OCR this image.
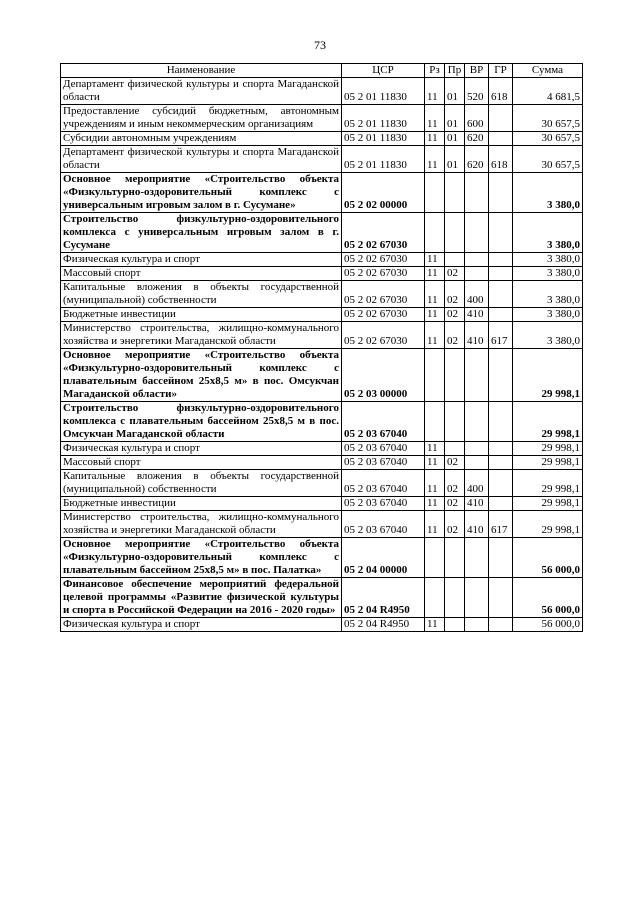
73
Наименование	ЦСР	Рз	Пр	ВР	ГР	Сумма
Департамент физической культуры и спорта Магаданской области	05 2 01 11830	11	01	520	618	4 681,5
Предоставление субсидий бюджетным, автономным учреждениям и иным некоммерческим организациям	05 2 01 11830	11	01	600		30 657,5
Субсидии автономным учреждениям	05 2 01 11830	11	01	620		30 657,5
Департамент физической культуры и спорта Магаданской области	05 2 01 11830	11	01	620	618	30 657,5
Основное мероприятие «Строительство объекта «Физкультурно-оздоровительный комплекс с универсальным игровым залом в г. Сусумане»	05 2 02 00000					3 380,0
Строительство физкультурно-оздоровительного комплекса с универсальным игровым залом в г. Сусумане	05 2 02 67030					3 380,0
Физическая культура и спорт	05 2 02 67030	11				3 380,0
Массовый спорт	05 2 02 67030	11	02			3 380,0
Капитальные вложения в объекты государственной (муниципальной) собственности	05 2 02 67030	11	02	400		3 380,0
Бюджетные инвестиции	05 2 02 67030	11	02	410		3 380,0
Министерство строительства, жилищно-коммунального хозяйства и энергетики Магаданской области	05 2 02 67030	11	02	410	617	3 380,0
Основное мероприятие «Строительство объекта «Физкультурно-оздоровительный комплекс с плавательным бассейном 25х8,5 м» в пос. Омсукчан Магаданской области»	05 2 03 00000					29 998,1
Строительство физкультурно-оздоровительного комплекса с плавательным бассейном 25х8,5 м в пос. Омсукчан Магаданской области	05 2 03 67040					29 998,1
Физическая культура и спорт	05 2 03 67040	11				29 998,1
Массовый спорт	05 2 03 67040	11	02			29 998,1
Капитальные вложения в объекты государственной (муниципальной) собственности	05 2 03 67040	11	02	400		29 998,1
Бюджетные инвестиции	05 2 03 67040	11	02	410		29 998,1
Министерство строительства, жилищно-коммунального хозяйства и энергетики Магаданской области	05 2 03 67040	11	02	410	617	29 998,1
Основное мероприятие «Строительство объекта «Физкультурно-оздоровительный комплекс с плавательным бассейном 25х8,5 м» в пос. Палатка»	05 2 04 00000					56 000,0
Финансовое обеспечение мероприятий федеральной целевой программы «Развитие физической культуры и спорта в Российской Федерации на 2016 - 2020 годы»	05 2 04 R4950					56 000,0
Физическая культура и спорт	05 2 04 R4950	11				56 000,0
